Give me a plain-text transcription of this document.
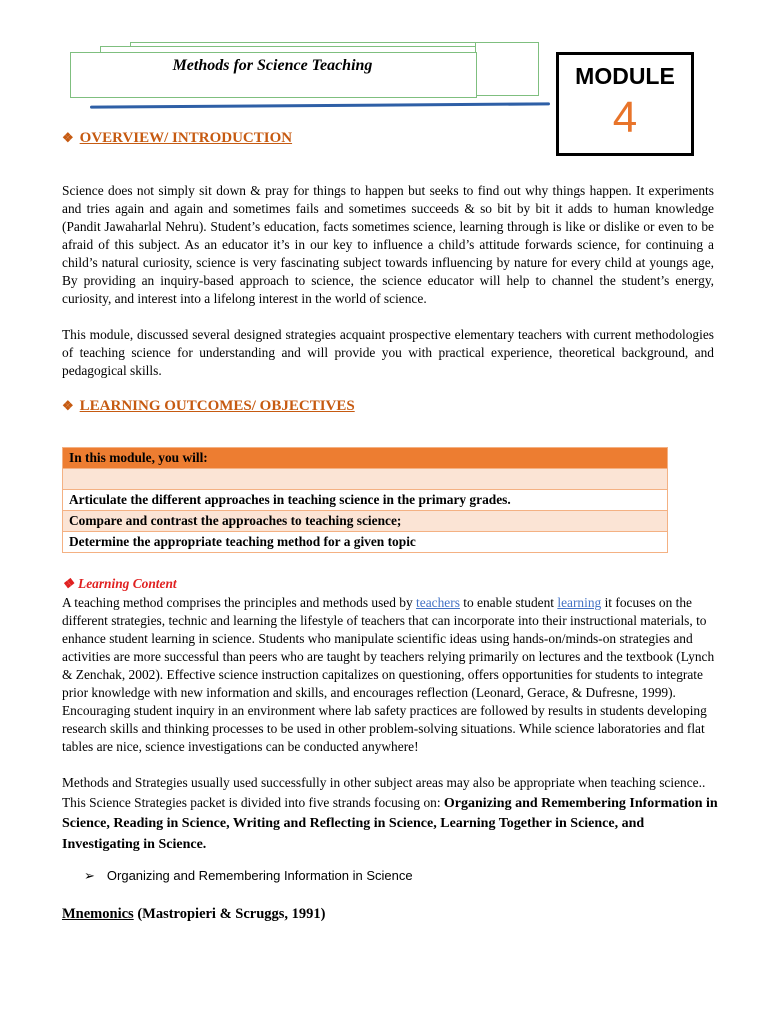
Methods for Science Teaching	MODULE
4
❖ OVERVIEW/ INTRODUCTION

Science does not simply sit down & pray for things to happen but seeks to find out why things happen. It experiments and tries again and again and sometimes fails and sometimes succeeds & so bit by bit it adds to human knowledge (Pandit Jawaharlal Nehru). Student’s education, facts sometimes science, learning through is like or dislike or even to be afraid of this subject. As an educator it’s in our key to influence a child’s attitude forwards science, for continuing a child’s natural curiosity, science is very fascinating subject towards influencing by nature for every child at youngs age, By providing an inquiry-based approach to science, the science educator will help to channel the student’s energy, curiosity, and interest into a lifelong interest in the world of science.

This module, discussed several designed strategies acquaint prospective elementary teachers with current methodologies of teaching science for understanding and will provide you with practical experience, theoretical background, and pedagogical skills.

❖ LEARNING OUTCOMES/ OBJECTIVES
In this module, you will:

Articulate the different approaches in teaching science in the primary grades.
Compare and contrast the approaches to teaching science;
Determine the appropriate teaching method for a given topic
❖ Learning Content

A teaching method comprises the principles and methods used by teachers to enable student learning it focuses on the different strategies, technic and learning the lifestyle of teachers that can incorporate into their instructional materials, to enhance student learning in science. Students who manipulate scientific ideas using hands-on/minds-on strategies and activities are more successful than peers who are taught by teachers relying primarily on lectures and the textbook (Lynch & Zenchak, 2002). Effective science instruction capitalizes on questioning, offers opportunities for students to integrate prior knowledge with new information and skills, and encourages reflection (Leonard, Gerace, & Dufresne, 1999). Encouraging student inquiry in an environment where lab safety practices are followed by results in students developing research skills and thinking processes to be used in other problem-solving situations. While science laboratories and flat tables are nice, science investigations can be conducted anywhere!

Methods and Strategies usually used successfully in other subject areas may also be appropriate when teaching science.. This Science Strategies packet is divided into five strands focusing on: Organizing and Remembering Information in Science, Reading in Science, Writing and Reflecting in Science, Learning Together in Science, and Investigating in Science.

➢ Organizing and Remembering Information in Science
Mnemonics (Mastropieri & Scruggs, 1991)
